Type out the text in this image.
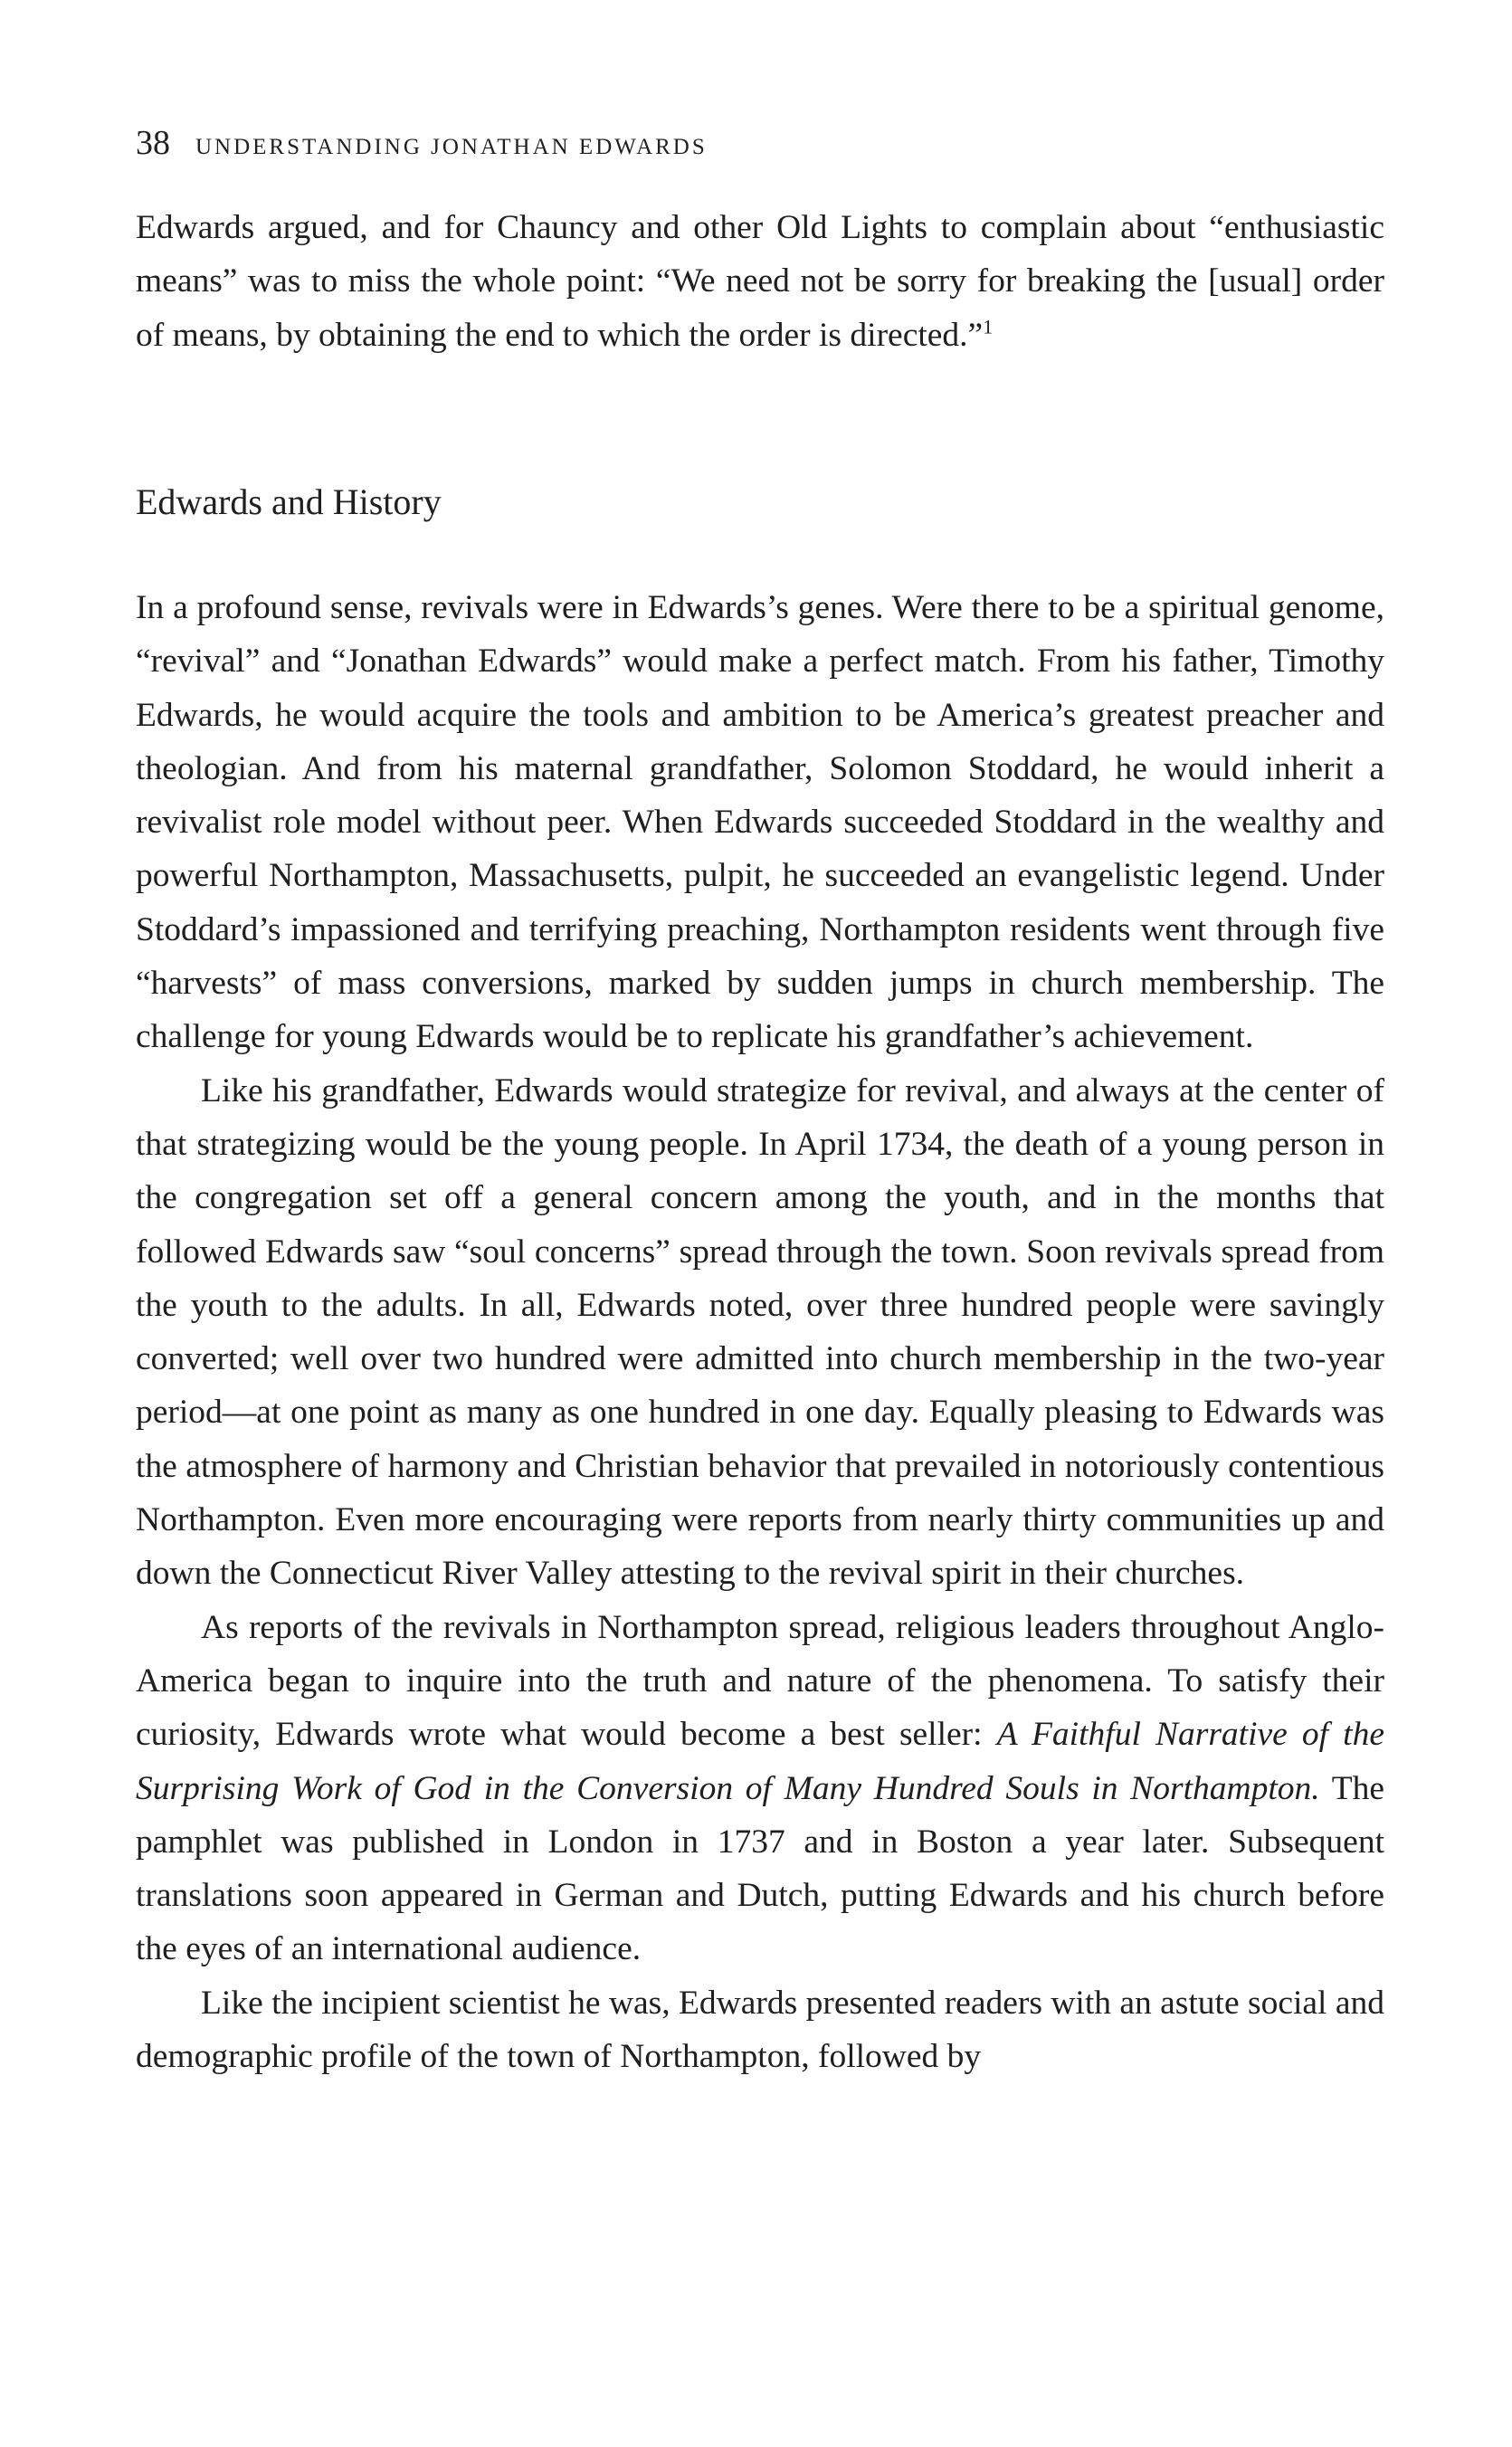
38 UNDERSTANDING JONATHAN EDWARDS

Edwards argued, and for Chauncy and other Old Lights to complain about “enthusiastic means” was to miss the whole point: “We need not be sorry for breaking the [usual] order of means, by obtaining the end to which the order is directed.”$^1$

Edwards and History

In a profound sense, revivals were in Edwards’s genes. Were there to be a spiritual genome, “revival” and “Jonathan Edwards” would make a perfect match. From his father, Timothy Edwards, he would acquire the tools and ambition to be America’s greatest preacher and theologian. And from his maternal grandfather, Solomon Stoddard, he would inherit a revivalist role model without peer. When Edwards succeeded Stoddard in the wealthy and powerful Northampton, Massachusetts, pulpit, he succeeded an evangelistic legend. Under Stoddard’s impassioned and terrifying preaching, Northampton residents went through five “harvests” of mass conversions, marked by sudden jumps in church membership. The challenge for young Edwards would be to replicate his grandfather’s achievement.

Like his grandfather, Edwards would strategize for revival, and always at the center of that strategizing would be the young people. In April 1734, the death of a young person in the congregation set off a general concern among the youth, and in the months that followed Edwards saw “soul concerns” spread through the town. Soon revivals spread from the youth to the adults. In all, Edwards noted, over three hundred people were savingly converted; well over two hundred were admitted into church membership in the two-year period—at one point as many as one hundred in one day. Equally pleasing to Edwards was the atmosphere of harmony and Christian behavior that prevailed in notoriously contentious Northampton. Even more encouraging were reports from nearly thirty communities up and down the Connecticut River Valley attesting to the revival spirit in their churches.

As reports of the revivals in Northampton spread, religious leaders throughout Anglo-America began to inquire into the truth and nature of the phenomena. To satisfy their curiosity, Edwards wrote what would become a best seller: A Faithful Narrative of the Surprising Work of God in the Conversion of Many Hundred Souls in Northampton. The pamphlet was published in London in 1737 and in Boston a year later. Subsequent translations soon appeared in German and Dutch, putting Edwards and his church before the eyes of an international audience.

Like the incipient scientist he was, Edwards presented readers with an astute social and demographic profile of the town of Northampton, followed by
